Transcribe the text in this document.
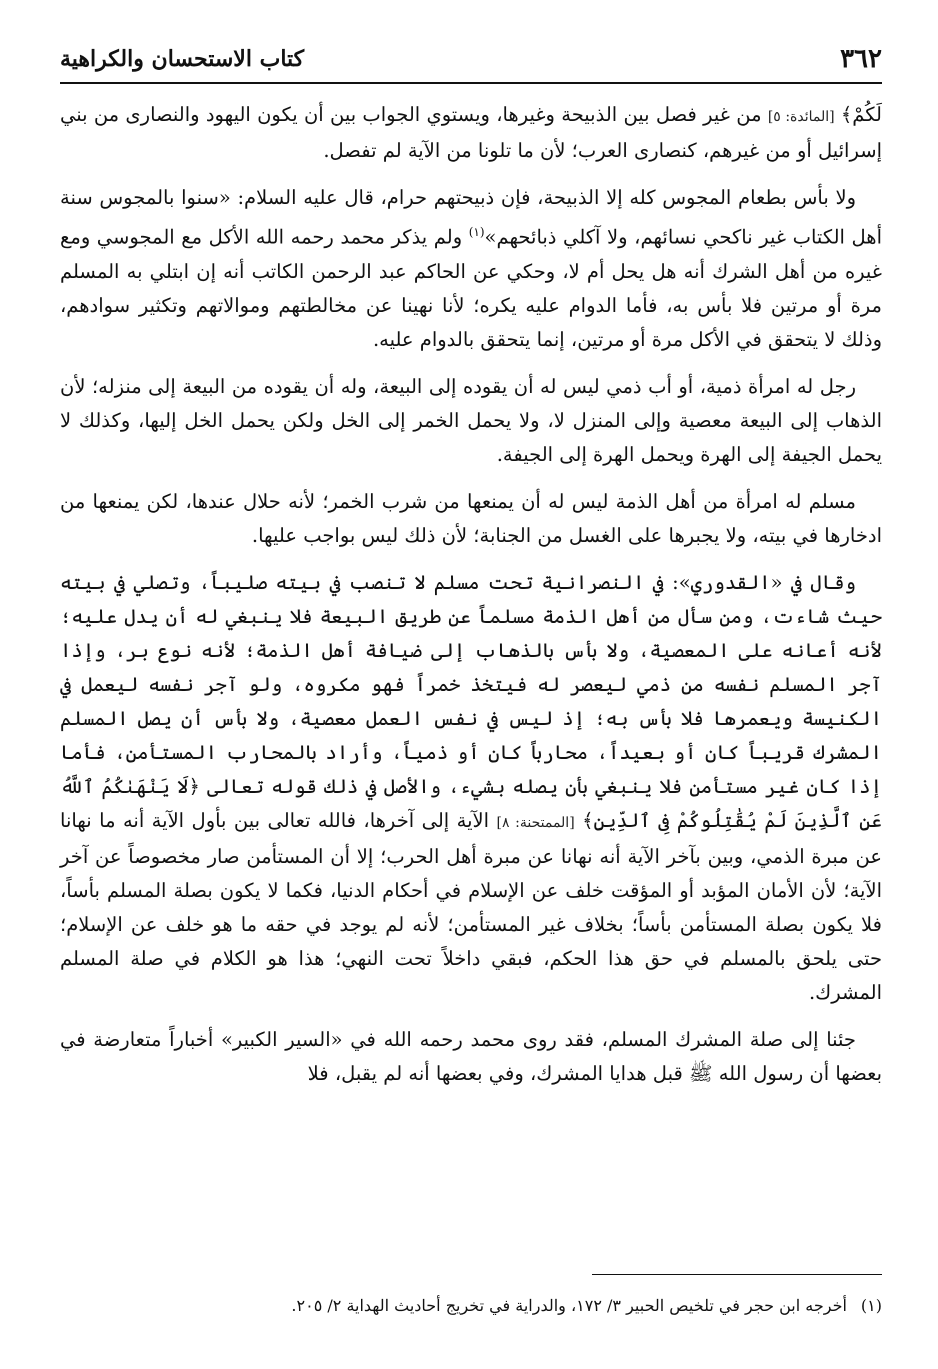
٣٦٢
كتاب الاستحسان والكراهية

لَكُمْ﴾ [المائدة: ٥] من غير فصل بين الذبيحة وغيرها، ويستوي الجواب بين أن يكون اليهود والنصارى من بني إسرائيل أو من غيرهم، كنصارى العرب؛ لأن ما تلونا من الآية لم تفصل.

ولا بأس بطعام المجوس كله إلا الذبيحة، فإن ذبيحتهم حرام، قال عليه السلام: «سنوا بالمجوس سنة أهل الكتاب غير ناكحي نسائهم، ولا آكلي ذبائحهم»$^{(١)}$ ولم يذكر محمد رحمه الله الأكل مع المجوسي ومع غيره من أهل الشرك أنه هل يحل أم لا، وحكي عن الحاكم عبد الرحمن الكاتب أنه إن ابتلي به المسلم مرة أو مرتين فلا بأس به، فأما الدوام عليه يكره؛ لأنا نهينا عن مخالطتهم وموالاتهم وتكثير سوادهم، وذلك لا يتحقق في الأكل مرة أو مرتين، إنما يتحقق بالدوام عليه.

رجل له امرأة ذمية، أو أب ذمي ليس له أن يقوده إلى البيعة، وله أن يقوده من البيعة إلى منزله؛ لأن الذهاب إلى البيعة معصية وإلى المنزل لا، ولا يحمل الخمر إلى الخل ولكن يحمل الخل إليها، وكذلك لا يحمل الجيفة إلى الهرة ويحمل الهرة إلى الجيفة.

مسلم له امرأة من أهل الذمة ليس له أن يمنعها من شرب الخمر؛ لأنه حلال عندها، لكن يمنعها من ادخارها في بيته، ولا يجبرها على الغسل من الجنابة؛ لأن ذلك ليس بواجب عليها.

وقال في «القدوري»: في النصرانية تحت مسلم لا تنصب في بيته صليباً، وتصلي في بيته حيث شاءت، ومن سأل من أهل الذمة مسلماً عن طريق البيعة فلا ينبغي له أن يدل عليه؛ لأنه أعانه على المعصية، ولا بأس بالذهاب إلى ضيافة أهل الذمة؛ لأنه نوع بر، وإذا آجر المسلم نفسه من ذمي ليعصر له فيتخذ خمراً فهو مكروه، ولو آجر نفسه ليعمل في الكنيسة ويعمرها فلا بأس به؛ إذ ليس في نفس العمل معصية، ولا بأس أن يصل المسلم المشرك قريباً كان أو بعيداً، محارباً كان أو ذمياً، وأراد بالمحارب المستأمن، فأما إذا كان غير مستأمن فلا ينبغي بأن يصله بشيء، والأصل في ذلك قوله تعالى ﴿لَا يَنْهَىٰكُمُ ٱللَّهُ عَنِ ٱلَّذِينَ لَمْ يُقَٰتِلُوكُمْ فِى ٱلدِّينِ﴾ [الممتحنة: ٨] الآية إلى آخرها، فالله تعالى بين بأول الآية أنه ما نهانا عن مبرة الذمي، وبين بآخر الآية أنه نهانا عن مبرة أهل الحرب؛ إلا أن المستأمن صار مخصوصاً عن آخر الآية؛ لأن الأمان المؤبد أو المؤقت خلف عن الإسلام في أحكام الدنيا، فكما لا يكون بصلة المسلم بأساً، فلا يكون بصلة المستأمن بأساً؛ بخلاف غير المستأمن؛ لأنه لم يوجد في حقه ما هو خلف عن الإسلام؛ حتى يلحق بالمسلم في حق هذا الحكم، فبقي داخلاً تحت النهي؛ هذا هو الكلام في صلة المسلم المشرك.

جئنا إلى صلة المشرك المسلم، فقد روى محمد رحمه الله في «السير الكبير» أخباراً متعارضة في بعضها أن رسول الله ﷺ قبل هدايا المشرك، وفي بعضها أنه لم يقبل، فلا

(١)أخرجه ابن حجر في تلخيص الحبير ٣/ ١٧٢، والدراية في تخريج أحاديث الهداية ٢/ ٢٠٥.
